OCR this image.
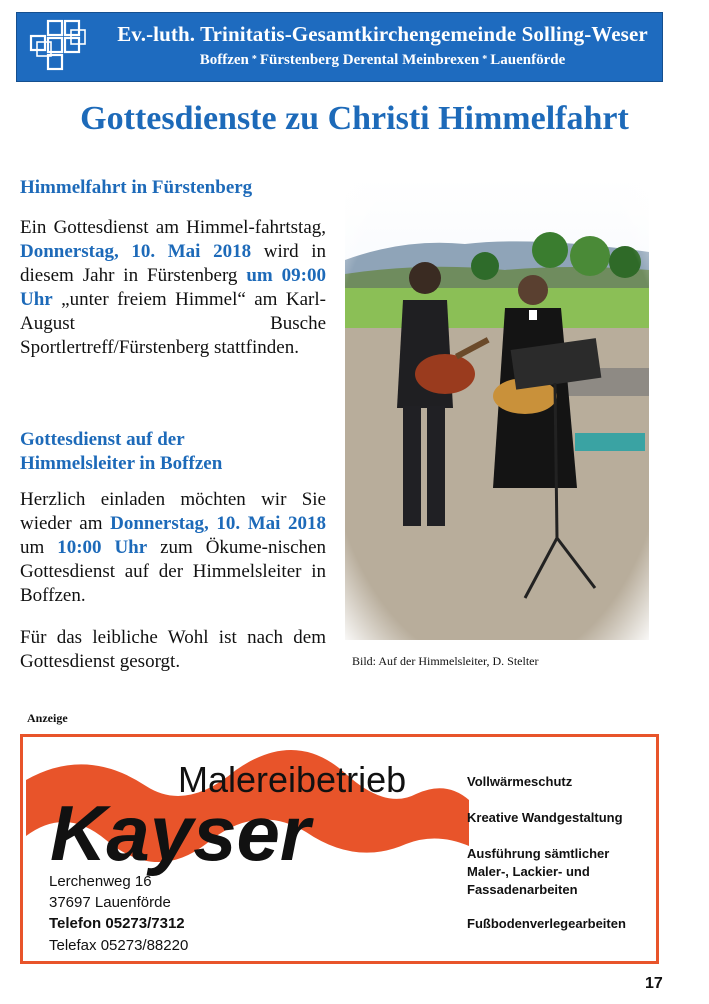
Ev.-luth. Trinitatis-Gesamtkirchengemeinde Solling-Weser
Boffzen * Fürstenberg Derental Meinbrexen * Lauenförde
Gottesdienste zu Christi Himmelfahrt
Himmelfahrt in Fürstenberg
Ein Gottesdienst am Himmel-fahrtstag, Donnerstag, 10. Mai 2018 wird in diesem Jahr in Fürstenberg um 09:00 Uhr „unter freiem Himmel“ am Karl-August Busche Sportlertreff/Fürstenberg stattfinden.
Gottesdienst auf der
Himmelsleiter in Boffzen
Herzlich einladen möchten wir Sie wieder am Donnerstag, 10. Mai 2018 um 10:00 Uhr zum Ökume-nischen Gottesdienst auf der Himmelsleiter in Boffzen.
Für das leibliche Wohl ist nach dem Gottesdienst gesorgt.	Bild: Auf der Himmelsleiter, D. Stelter
Anzeige
Malereibetrieb
Kayser
Lerchenweg 16
37697 Lauenförde
Telefon 05273/7312
Telefax 05273/88220
Vollwärmeschutz
Kreative Wandgestaltung
Ausführung sämtlicher Maler-, Lackier- und Fassadenarbeiten
Fußbodenverlegearbeiten
17
